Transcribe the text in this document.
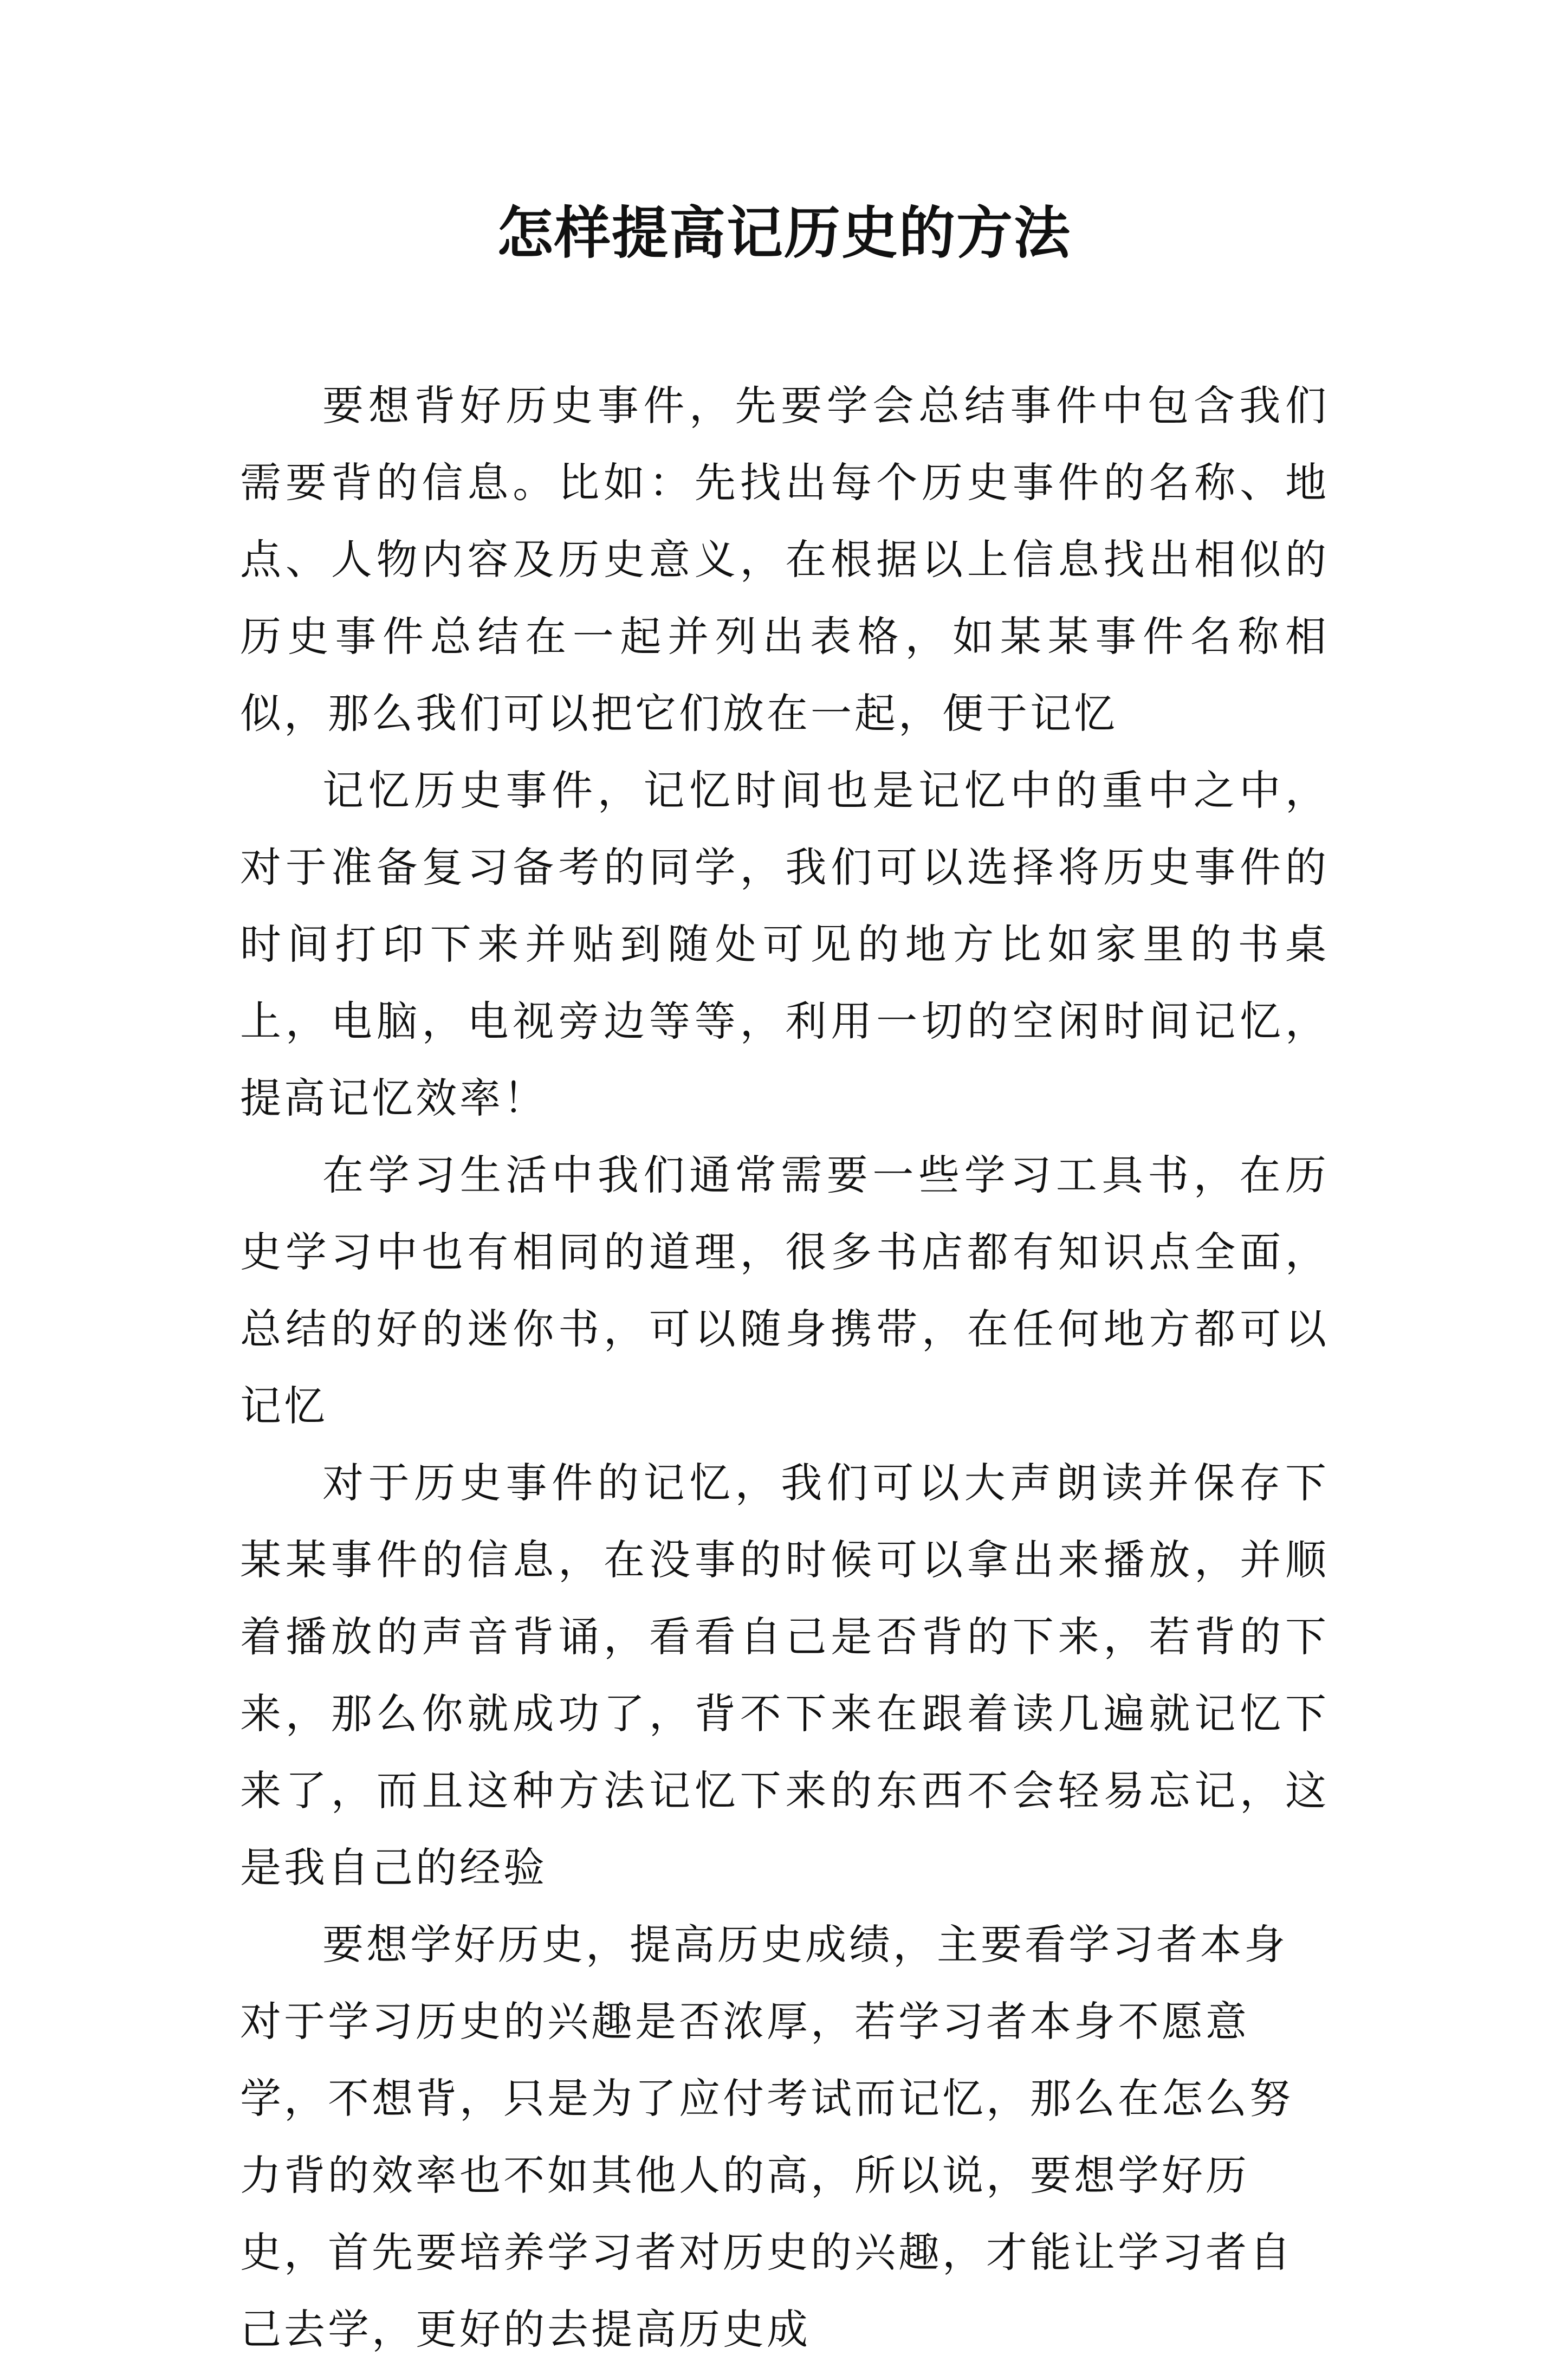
怎样提高记历史的方法

要想背好历史事件，先要学会总结事件中包含我们需要背的信息。比如：先找出每个历史事件的名称、地点、人物内容及历史意义，在根据以上信息找出相似的历史事件总结在一起并列出表格，如某某事件名称相似，那么我们可以把它们放在一起，便于记忆

记忆历史事件，记忆时间也是记忆中的重中之中，对于准备复习备考的同学，我们可以选择将历史事件的时间打印下来并贴到随处可见的地方比如家里的书桌上，电脑，电视旁边等等，利用一切的空闲时间记忆，提高记忆效率！

在学习生活中我们通常需要一些学习工具书，在历史学习中也有相同的道理，很多书店都有知识点全面，总结的好的迷你书，可以随身携带，在任何地方都可以记忆

对于历史事件的记忆，我们可以大声朗读并保存下某某事件的信息，在没事的时候可以拿出来播放，并顺着播放的声音背诵，看看自己是否背的下来，若背的下来，那么你就成功了，背不下来在跟着读几遍就记忆下来了，而且这种方法记忆下来的东西不会轻易忘记，这是我自己的经验

要想学好历史，提高历史成绩，主要看学习者本身对于学习历史的兴趣是否浓厚，若学习者本身不愿意学，不想背，只是为了应付考试而记忆，那么在怎么努力背的效率也不如其他人的高，所以说，要想学好历史，首先要培养学习者对历史的兴趣，才能让学习者自己去学，更好的去提高历史成
